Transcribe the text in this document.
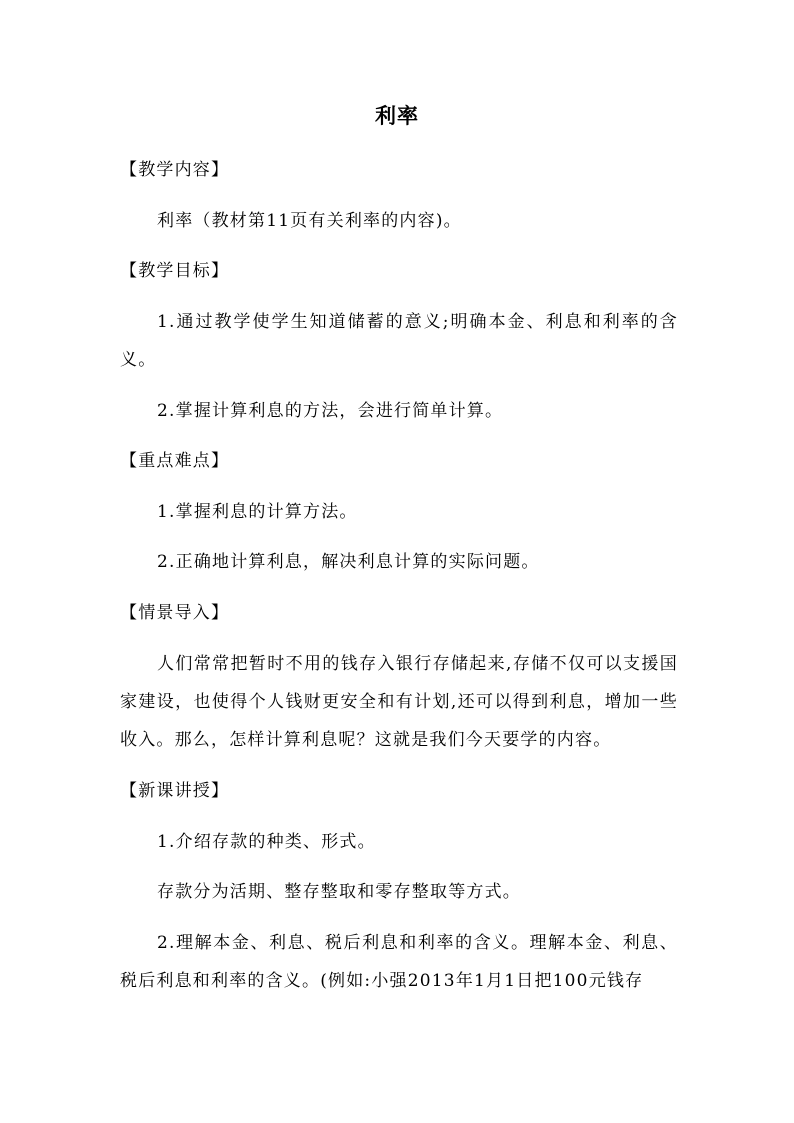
利率
【教学内容】
利率（教材第11页有关利率的内容)。
【教学目标】
1.通过教学使学生知道储蓄的意义;明确本金、利息和利率的含义。
2.掌握计算利息的方法，会进行简单计算。
【重点难点】
1.掌握利息的计算方法。
2.正确地计算利息，解决利息计算的实际问题。
【情景导入】
人们常常把暂时不用的钱存入银行存储起来,存储不仅可以支援国家建设，也使得个人钱财更安全和有计划,还可以得到利息，增加一些收入。那么，怎样计算利息呢？这就是我们今天要学的内容。
【新课讲授】
1.介绍存款的种类、形式。
存款分为活期、整存整取和零存整取等方式。
2.理解本金、利息、税后利息和利率的含义。理解本金、利息、税后利息和利率的含义。(例如:小强2013年1月1日把100元钱存
